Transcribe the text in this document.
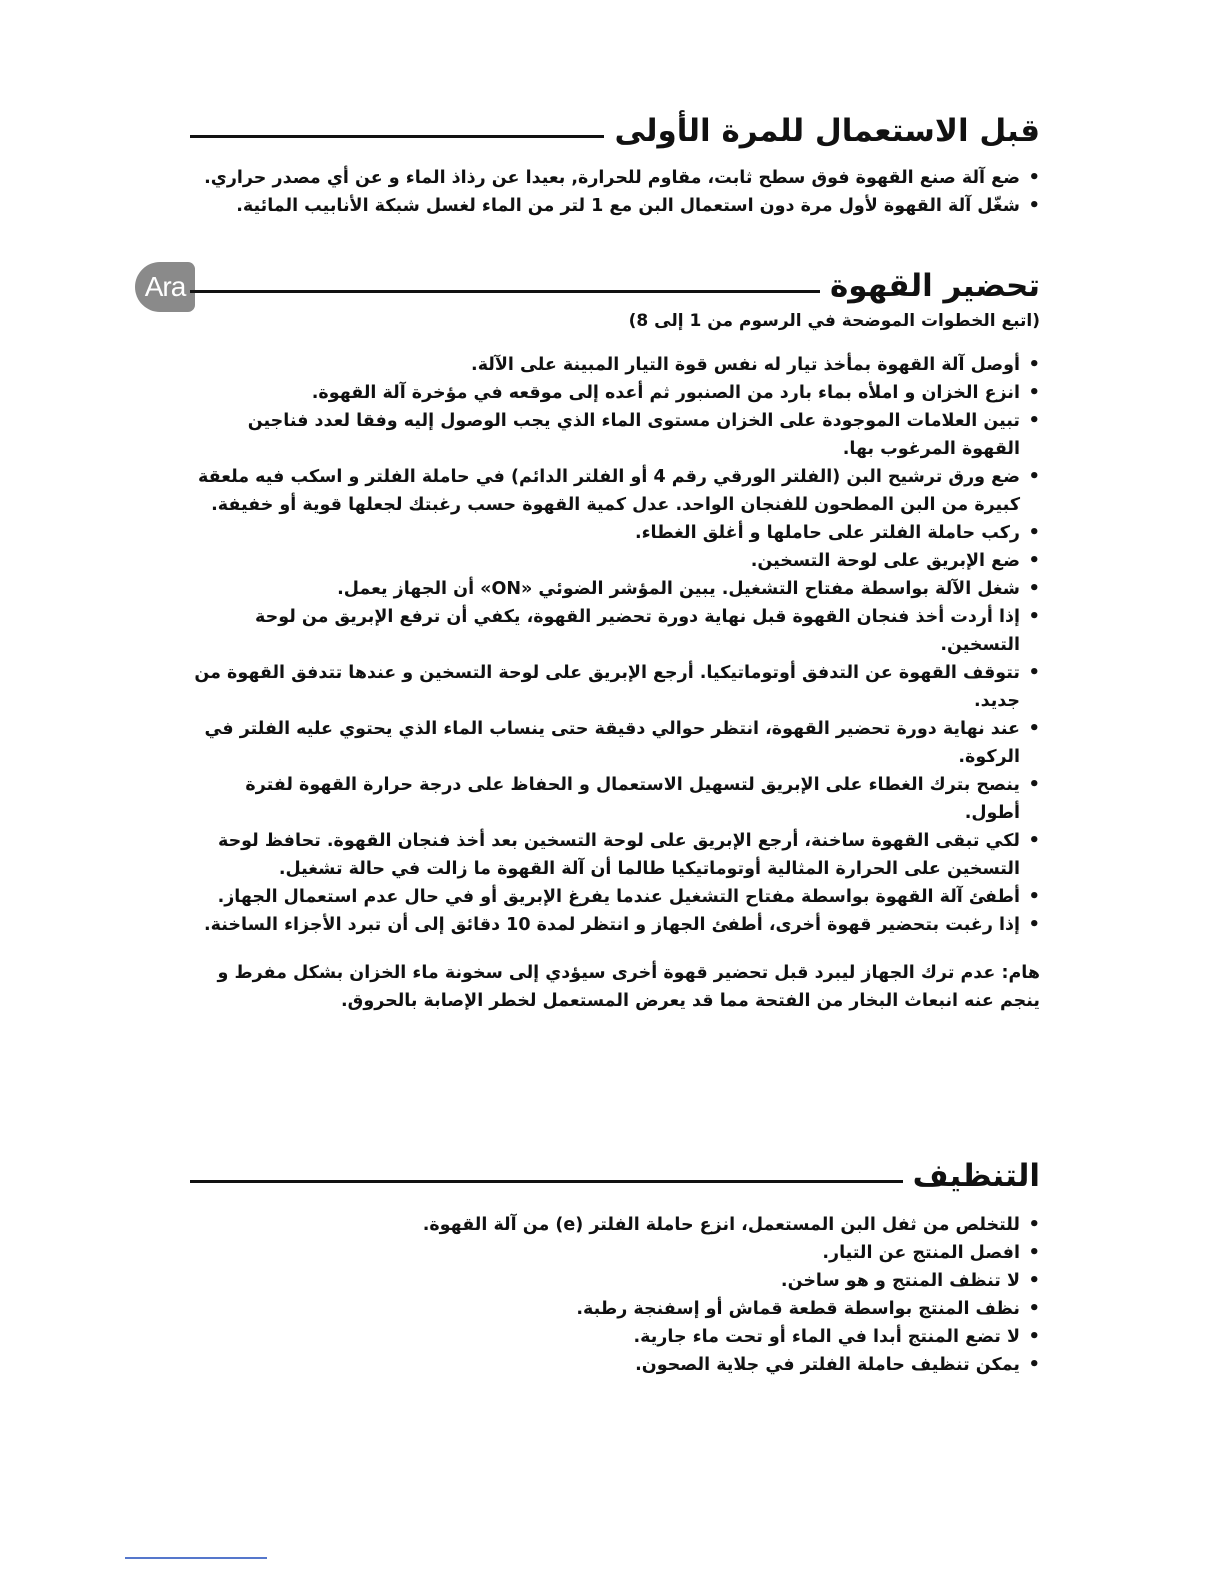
Ara
قبل الاستعمال للمرة الأولى
• ضع آلة صنع القهوة فوق سطح ثابت، مقاوم للحرارة, بعيدا عن رذاذ الماء و عن أي مصدر حراري.
• شغّل آلة القهوة لأول مرة دون استعمال البن مع 1 لتر من الماء لغسل شبكة الأنابيب المائية.
تحضير القهوة
(اتبع الخطوات الموضحة في الرسوم من 1 إلى 8)
• أوصل آلة القهوة بمأخذ تيار له نفس قوة التيار المبينة على الآلة.
• انزع الخزان و املأه بماء بارد من الصنبور ثم أعده إلى موقعه في مؤخرة آلة القهوة.
• تبين العلامات الموجودة على الخزان مستوى الماء الذي يجب الوصول إليه وفقا لعدد فناجين القهوة المرغوب بها.
• ضع ورق ترشيح البن (الفلتر الورقي رقم 4 أو الفلتر الدائم) في حاملة الفلتر و اسكب فيه ملعقة كبيرة من البن المطحون للفنجان الواحد. عدل كمية القهوة حسب رغبتك لجعلها قوية أو خفيفة.
• ركب حاملة الفلتر على حاملها و أغلق الغطاء.
• ضع الإبريق على لوحة التسخين.
• شغل الآلة بواسطة مفتاح التشغيل. يبين المؤشر الضوئي «ON» أن الجهاز يعمل.
• إذا أردت أخذ فنجان القهوة قبل نهاية دورة تحضير القهوة، يكفي أن ترفع الإبريق من لوحة التسخين.
• تتوقف القهوة عن التدفق أوتوماتيكيا. أرجع الإبريق على لوحة التسخين و عندها تتدفق القهوة من جديد.
• عند نهاية دورة تحضير القهوة، انتظر حوالي دقيقة حتى ينساب الماء الذي يحتوي عليه الفلتر في الركوة.
• ينصح بترك الغطاء على الإبريق لتسهيل الاستعمال و الحفاظ على درجة حرارة القهوة لفترة أطول.
• لكي تبقى القهوة ساخنة، أرجع الإبريق على لوحة التسخين بعد أخذ فنجان القهوة. تحافظ لوحة التسخين على الحرارة المثالية أوتوماتيكيا طالما أن آلة القهوة ما زالت في حالة تشغيل.
• أطفئ آلة القهوة بواسطة مفتاح التشغيل عندما يفرغ الإبريق أو في حال عدم استعمال الجهاز.
• إذا رغبت بتحضير قهوة أخرى، أطفئ الجهاز و انتظر لمدة 10 دقائق إلى أن تبرد الأجزاء الساخنة.
هام: عدم ترك الجهاز ليبرد قبل تحضير قهوة أخرى سيؤدي إلى سخونة ماء الخزان بشكل مفرط و ينجم عنه انبعاث البخار من الفتحة مما قد يعرض المستعمل لخطر الإصابة بالحروق.
التنظيف
• للتخلص من ثفل البن المستعمل، انزع حاملة الفلتر (e) من آلة القهوة.
• افصل المنتج عن التيار.
• لا تنظف المنتج و هو ساخن.
• نظف المنتج بواسطة قطعة قماش أو إسفنجة رطبة.
• لا تضع المنتج أبدا في الماء أو تحت ماء جارية.
• يمكن تنظيف حاملة الفلتر في جلاية الصحون.
